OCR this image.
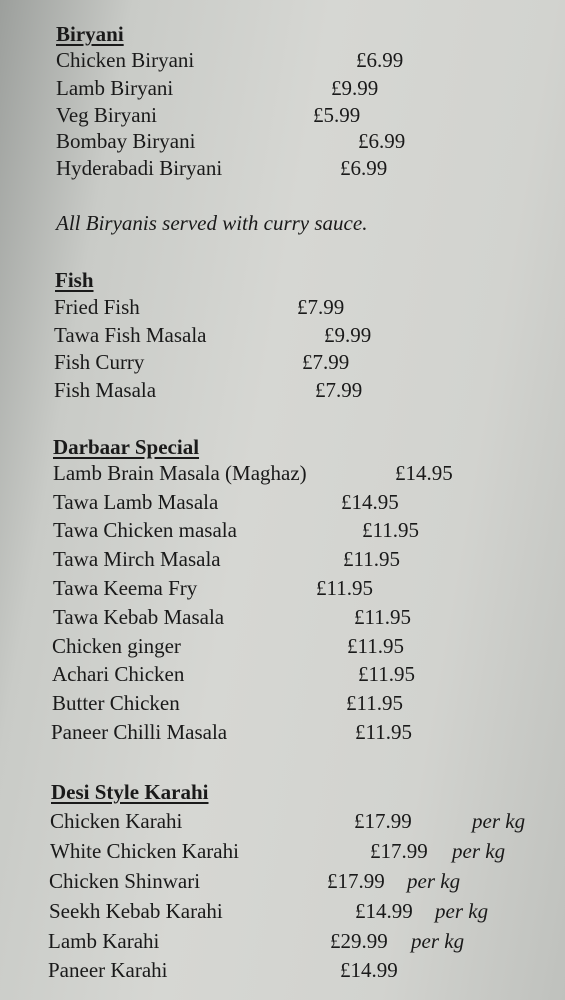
Biryani
Chicken Biryani	£6.99
Lamb Biryani	£9.99
Veg Biryani	£5.99
Bombay Biryani	£6.99
Hyderabadi Biryani	£6.99
All Biryanis served with curry sauce.
Fish
Fried Fish	£7.99
Tawa Fish Masala	£9.99
Fish Curry	£7.99
Fish Masala	£7.99
Darbaar Special
Lamb Brain Masala (Maghaz)	£14.95
Tawa Lamb Masala	£14.95
Tawa Chicken masala	£11.95
Tawa Mirch Masala	£11.95
Tawa Keema Fry	£11.95
Tawa Kebab Masala	£11.95
Chicken ginger	£11.95
Achari Chicken	£11.95
Butter Chicken	£11.95
Paneer Chilli Masala	£11.95
Desi Style Karahi
Chicken Karahi	£17.99	per kg
White Chicken Karahi	£17.99 per kg
Chicken Shinwari	£17.99 per kg
Seekh Kebab Karahi	£14.99 per kg
Lamb Karahi	£29.99 per kg
Paneer Karahi	£14.99
